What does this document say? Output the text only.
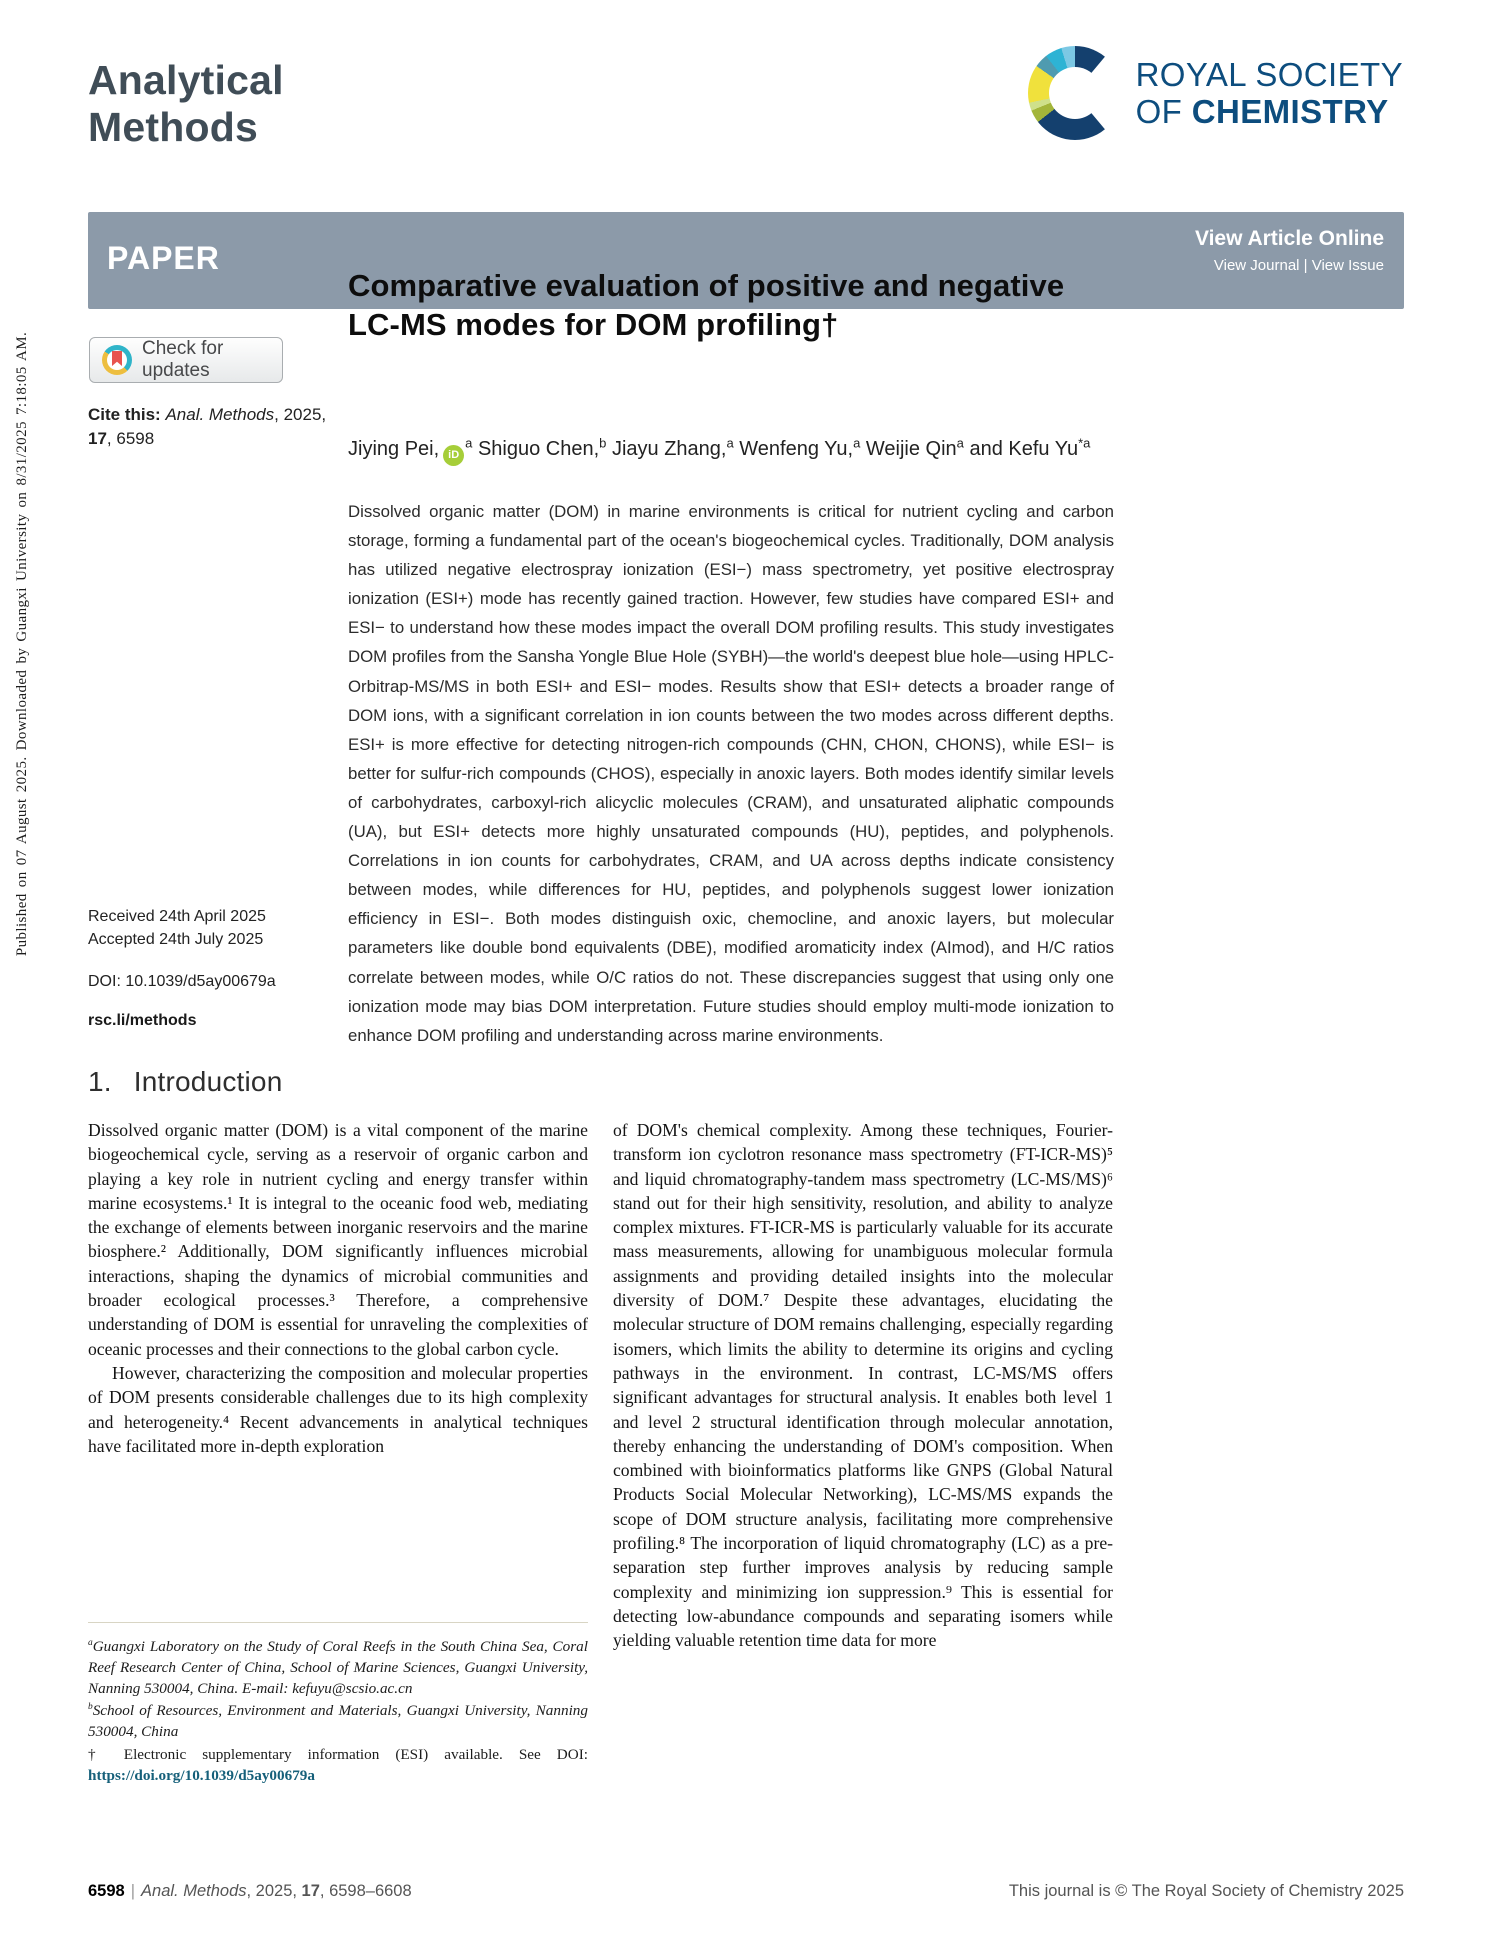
Published on 07 August 2025. Downloaded by Guangxi University on 8/31/2025 7:18:05 AM.
Analytical
Methods
ROYAL SOCIETY
OF CHEMISTRY
PAPER
View Article Online
View Journal | View Issue
Check for updates
Cite this: Anal. Methods, 2025, 17, 6598
Received 24th April 2025
Accepted 24th July 2025
DOI: 10.1039/d5ay00679a
rsc.li/methods
Comparative evaluation of positive and negative LC-MS modes for DOM profiling†
Jiying Pei, $iD^a$ Shiguo Chen,$^b$ Jiayu Zhang,$^a$ Wenfeng Yu,$^a$ Weijie Qin$^a$ and Kefu Yu$^{*a}$
Dissolved organic matter (DOM) in marine environments is critical for nutrient cycling and carbon storage, forming a fundamental part of the ocean's biogeochemical cycles. Traditionally, DOM analysis has utilized negative electrospray ionization (ESI−) mass spectrometry, yet positive electrospray ionization (ESI+) mode has recently gained traction. However, few studies have compared ESI+ and ESI− to understand how these modes impact the overall DOM profiling results. This study investigates DOM profiles from the Sansha Yongle Blue Hole (SYBH)—the world's deepest blue hole—using HPLC-Orbitrap-MS/MS in both ESI+ and ESI− modes. Results show that ESI+ detects a broader range of DOM ions, with a significant correlation in ion counts between the two modes across different depths. ESI+ is more effective for detecting nitrogen-rich compounds (CHN, CHON, CHONS), while ESI− is better for sulfur-rich compounds (CHOS), especially in anoxic layers. Both modes identify similar levels of carbohydrates, carboxyl-rich alicyclic molecules (CRAM), and unsaturated aliphatic compounds (UA), but ESI+ detects more highly unsaturated compounds (HU), peptides, and polyphenols. Correlations in ion counts for carbohydrates, CRAM, and UA across depths indicate consistency between modes, while differences for HU, peptides, and polyphenols suggest lower ionization efficiency in ESI−. Both modes distinguish oxic, chemocline, and anoxic layers, but molecular parameters like double bond equivalents (DBE), modified aromaticity index (AImod), and H/C ratios correlate between modes, while O/C ratios do not. These discrepancies suggest that using only one ionization mode may bias DOM interpretation. Future studies should employ multi-mode ionization to enhance DOM profiling and understanding across marine environments.
1. Introduction

Dissolved organic matter (DOM) is a vital component of the marine biogeochemical cycle, serving as a reservoir of organic carbon and playing a key role in nutrient cycling and energy transfer within marine ecosystems.¹ It is integral to the oceanic food web, mediating the exchange of elements between inorganic reservoirs and the marine biosphere.² Additionally, DOM significantly influences microbial interactions, shaping the dynamics of microbial communities and broader ecological processes.³ Therefore, a comprehensive understanding of DOM is essential for unraveling the complexities of oceanic processes and their connections to the global carbon cycle.

However, characterizing the composition and molecular properties of DOM presents considerable challenges due to its high complexity and heterogeneity.⁴ Recent advancements in analytical techniques have facilitated more in-depth exploration

of DOM's chemical complexity. Among these techniques, Fourier-transform ion cyclotron resonance mass spectrometry (FT-ICR-MS)⁵ and liquid chromatography-tandem mass spectrometry (LC-MS/MS)⁶ stand out for their high sensitivity, resolution, and ability to analyze complex mixtures. FT-ICR-MS is particularly valuable for its accurate mass measurements, allowing for unambiguous molecular formula assignments and providing detailed insights into the molecular diversity of DOM.⁷ Despite these advantages, elucidating the molecular structure of DOM remains challenging, especially regarding isomers, which limits the ability to determine its origins and cycling pathways in the environment. In contrast, LC-MS/MS offers significant advantages for structural analysis. It enables both level 1 and level 2 structural identification through molecular annotation, thereby enhancing the understanding of DOM's composition. When combined with bioinformatics platforms like GNPS (Global Natural Products Social Molecular Networking), LC-MS/MS expands the scope of DOM structure analysis, facilitating more comprehensive profiling.⁸ The incorporation of liquid chromatography (LC) as a pre-separation step further improves analysis by reducing sample complexity and minimizing ion suppression.⁹ This is essential for detecting low-abundance compounds and separating isomers while yielding valuable retention time data for more

$^a$Guangxi Laboratory on the Study of Coral Reefs in the South China Sea, Coral Reef Research Center of China, School of Marine Sciences, Guangxi University, Nanning 530004, China. E-mail: kefuyu@scsio.ac.cn

$^b$School of Resources, Environment and Materials, Guangxi University, Nanning 530004, China

† Electronic supplementary information (ESI) available. See DOI: https://doi.org/10.1039/d5ay00679a

6598 | Anal. Methods, 2025, 17, 6598–6608	This journal is © The Royal Society of Chemistry 2025
